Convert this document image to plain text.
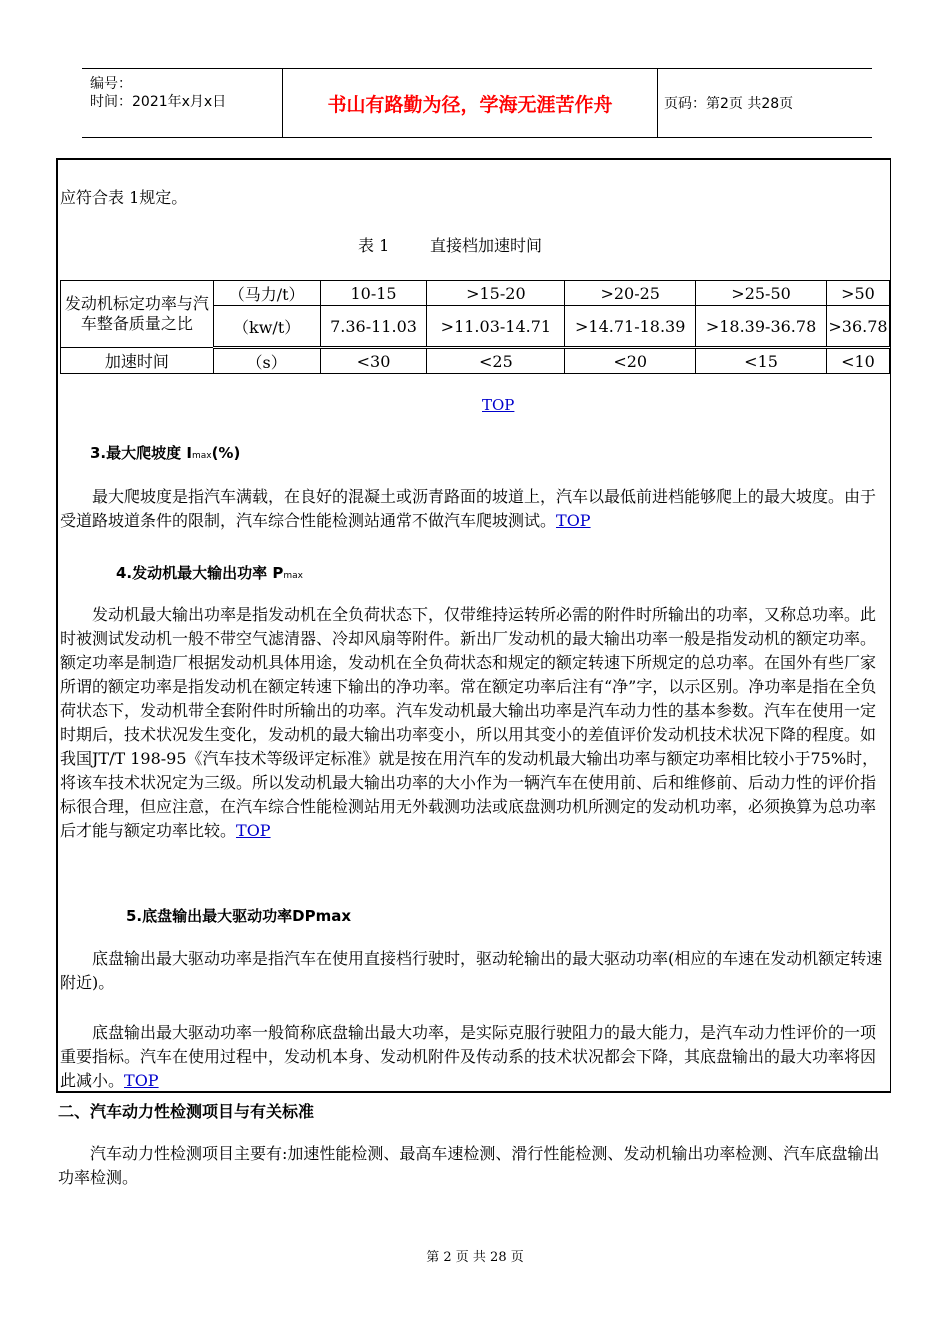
编号：
时间：2021年x月x日	书山有路勤为径，学海无涯苦作舟	页码：第2页 共28页
应符合表 1规定。
表 1        直接档加速时间
发动机标定功率与汽车整备质量之比	（马力/t）	10-15	>15-20	>20-25	>25-50	>50
	（kw/t）	7.36-11.03	>11.03-14.71	>14.71-18.39	>18.39-36.78	>36.78
加速时间	（s）	<30	<25	<20	<15	<10
TOP
3.最大爬坡度 Imax(%)
最大爬坡度是指汽车满载，在良好的混凝土或沥青路面的坡道上，汽车以最低前进档能够爬上的最大坡度。由于受道路坡道条件的限制，汽车综合性能检测站通常不做汽车爬坡测试。TOP
4.发动机最大输出功率 Pmax
发动机最大输出功率是指发动机在全负荷状态下，仅带维持运转所必需的附件时所输出的功率，又称总功率。此时被测试发动机一般不带空气滤清器、冷却风扇等附件。新出厂发动机的最大输出功率一般是指发动机的额定功率。额定功率是制造厂根据发动机具体用途，发动机在全负荷状态和规定的额定转速下所规定的总功率。在国外有些厂家所谓的额定功率是指发动机在额定转速下输出的净功率。常在额定功率后注有“净”字，以示区别。净功率是指在全负荷状态下，发动机带全套附件时所输出的功率。汽车发动机最大输出功率是汽车动力性的基本参数。汽车在使用一定时期后，技术状况发生变化，发动机的最大输出功率变小，所以用其变小的差值评价发动机技术状况下降的程度。如我国JT/T 198-95《汽车技术等级评定标准》就是按在用汽车的发动机最大输出功率与额定功率相比较小于75%时，将该车技术状况定为三级。所以发动机最大输出功率的大小作为一辆汽车在使用前、后和维修前、后动力性的评价指标很合理，但应注意，在汽车综合性能检测站用无外载测功法或底盘测功机所测定的发动机功率，必须换算为总功率后才能与额定功率比较。TOP
5.底盘输出最大驱动功率DPmax
底盘输出最大驱动功率是指汽车在使用直接档行驶时，驱动轮输出的最大驱动功率(相应的车速在发动机额定转速附近)。
底盘输出最大驱动功率一般简称底盘输出最大功率，是实际克服行驶阻力的最大能力，是汽车动力性评价的一项重要指标。汽车在使用过程中，发动机本身、发动机附件及传动系的技术状况都会下降，其底盘输出的最大功率将因此减小。TOP
二、汽车动力性检测项目与有关标准
汽车动力性检测项目主要有:加速性能检测、最高车速检测、滑行性能检测、发动机输出功率检测、汽车底盘输出功率检测。
第 2 页 共 28 页
